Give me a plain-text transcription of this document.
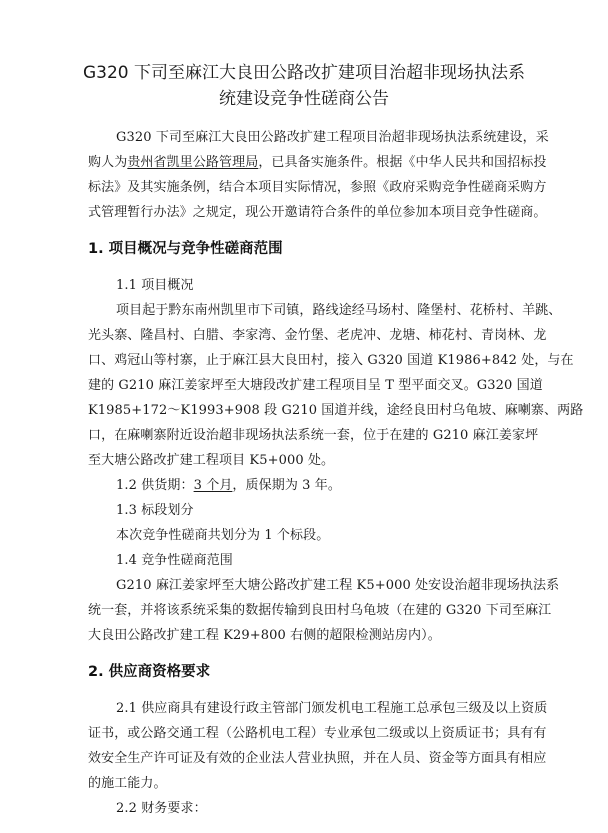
G320 下司至麻江大良田公路改扩建项目治超非现场执法系
统建设竞争性磋商公告
G320 下司至麻江大良田公路改扩建工程项目治超非现场执法系统建设，采
购人为贵州省凯里公路管理局，已具备实施条件。根据《中华人民共和国招标投
标法》及其实施条例，结合本项目实际情况，参照《政府采购竞争性磋商采购方
式管理暂行办法》之规定，现公开邀请符合条件的单位参加本项目竞争性磋商。
1. 项目概况与竞争性磋商范围
1.1 项目概况
项目起于黔东南州凯里市下司镇，路线途经马场村、隆堡村、花桥村、羊跳、
光头寨、隆昌村、白腊、李家湾、金竹堡、老虎冲、龙塘、柿花村、青岗林、龙
口、鸡冠山等村寨，止于麻江县大良田村，接入 G320 国道 K1986+842 处，与在
建的 G210 麻江姜家坪至大塘段改扩建工程项目呈 T 型平面交叉。G320 国道
K1985+172～K1993+908 段 G210 国道并线，途经良田村乌龟坡、麻喇寨、两路
口，在麻喇寨附近设治超非现场执法系统一套，位于在建的 G210 麻江姜家坪
至大塘公路改扩建工程项目 K5+000 处。
1.2 供货期：3 个月，质保期为 3 年。
1.3 标段划分
本次竞争性磋商共划分为 1 个标段。
1.4 竞争性磋商范围
G210 麻江姜家坪至大塘公路改扩建工程 K5+000 处安设治超非现场执法系
统一套，并将该系统采集的数据传输到良田村乌龟坡（在建的 G320 下司至麻江
大良田公路改扩建工程 K29+800 右侧的超限检测站房内）。
2. 供应商资格要求
2.1 供应商具有建设行政主管部门颁发机电工程施工总承包三级及以上资质
证书，或公路交通工程（公路机电工程）专业承包二级或以上资质证书；具有有
效安全生产许可证及有效的企业法人营业执照，并在人员、资金等方面具有相应
的施工能力。
2.2 财务要求：
